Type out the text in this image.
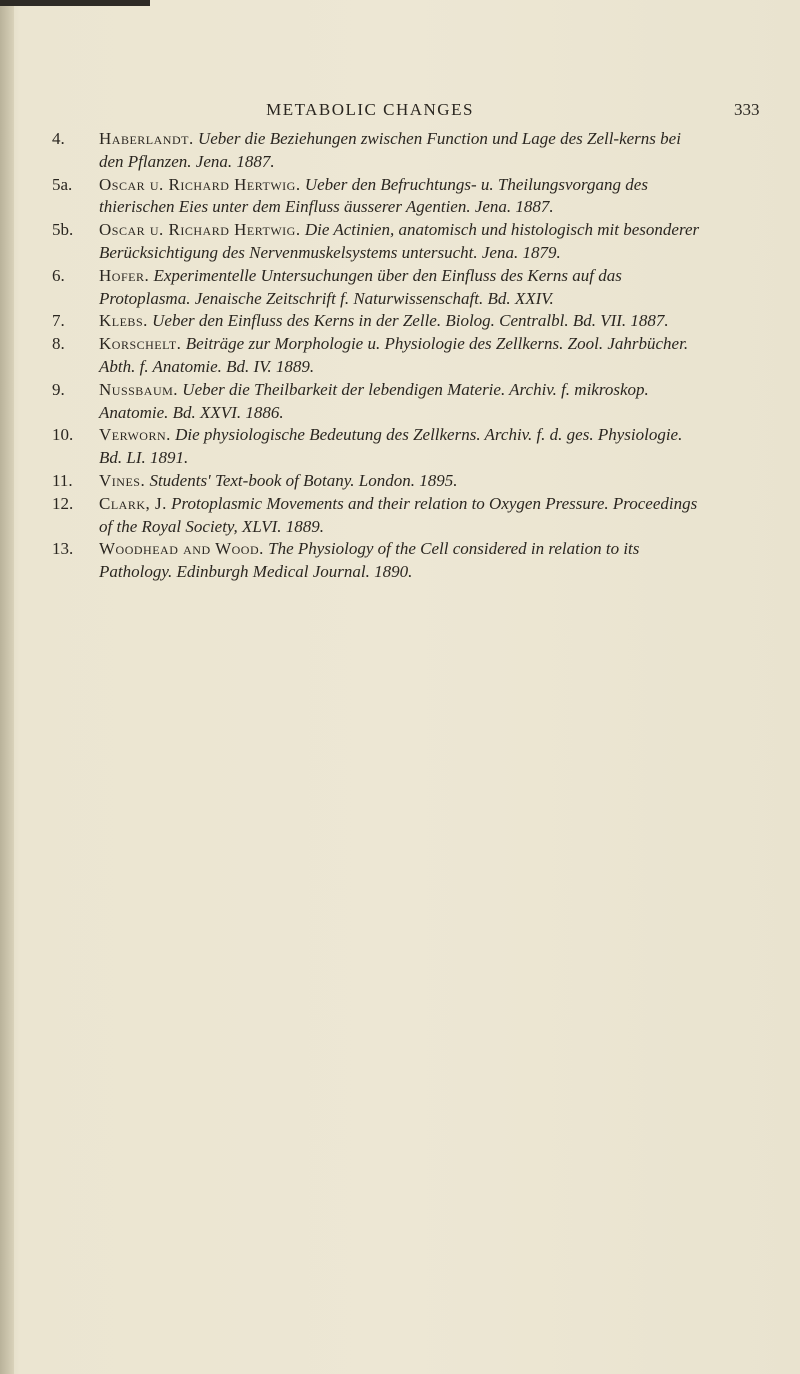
METABOLIC CHANGES	333
4. Haberlandt. Ueber die Beziehungen zwischen Function und Lage des Zell-kerns bei den Pflanzen. Jena. 1887.
5a. Oscar u. Richard Hertwig. Ueber den Befruchtungs- u. Theilungsvorgang des thierischen Eies unter dem Einfluss äusserer Agentien. Jena. 1887.
5b. Oscar u. Richard Hertwig. Die Actinien, anatomisch und histologisch mit besonderer Berücksichtigung des Nervenmuskelsystems untersucht. Jena. 1879.
6. Hofer. Experimentelle Untersuchungen über den Einfluss des Kerns auf das Protoplasma. Jenaische Zeitschrift f. Naturwissenschaft. Bd. XXIV.
7. Klebs. Ueber den Einfluss des Kerns in der Zelle. Biolog. Centralbl. Bd. VII. 1887.
8. Korschelt. Beiträge zur Morphologie u. Physiologie des Zellkerns. Zool. Jahrbücher. Abth. f. Anatomie. Bd. IV. 1889.
9. Nussbaum. Ueber die Theilbarkeit der lebendigen Materie. Archiv. f. mikroskop. Anatomie. Bd. XXVI. 1886.
10. Verworn. Die physiologische Bedeutung des Zellkerns. Archiv. f. d. ges. Physiologie. Bd. LI. 1891.
11. Vines. Students' Text-book of Botany. London. 1895.
12. Clark, J. Protoplasmic Movements and their relation to Oxygen Pressure. Proceedings of the Royal Society, XLVI. 1889.
13. Woodhead and Wood. The Physiology of the Cell considered in relation to its Pathology. Edinburgh Medical Journal. 1890.
